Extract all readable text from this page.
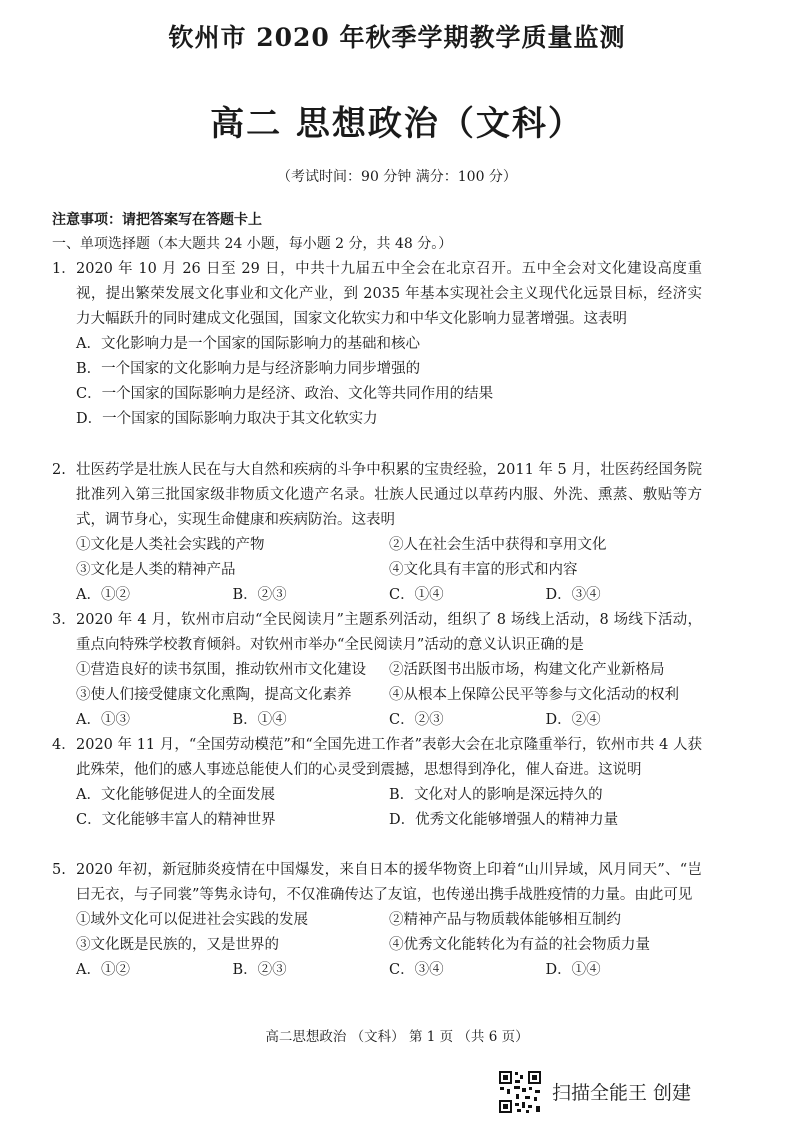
钦州市 2020 年秋季学期教学质量监测
高二 思想政治（文科）
（考试时间：90 分钟 满分：100 分）
注意事项：请把答案写在答题卡上
一、单项选择题（本大题共 24 小题，每小题 2 分，共 48 分。）
1．2020 年 10 月 26 日至 29 日，中共十九届五中全会在北京召开。五中全会对文化建设高度重视，提出繁荣发展文化事业和文化产业，到 2035 年基本实现社会主义现代化远景目标，经济实力大幅跃升的同时建成文化强国，国家文化软实力和中华文化影响力显著增强。这表明
A．文化影响力是一个国家的国际影响力的基础和核心
B．一个国家的文化影响力是与经济影响力同步增强的
C．一个国家的国际影响力是经济、政治、文化等共同作用的结果
D．一个国家的国际影响力取决于其文化软实力
2. 壮医药学是壮族人民在与大自然和疾病的斗争中积累的宝贵经验，2011 年 5 月，壮医药经国务院批准列入第三批国家级非物质文化遗产名录。壮族人民通过以草药内服、外洗、熏蒸、敷贴等方式，调节身心，实现生命健康和疾病防治。这表明
①文化是人类社会实践的产物	②人在社会生活中获得和享用文化
③文化是人类的精神产品	④文化具有丰富的形式和内容
A．①②	B．②③	C．①④	D．③④
3．2020 年 4 月，钦州市启动“全民阅读月”主题系列活动，组织了 8 场线上活动，8 场线下活动，重点向特殊学校教育倾斜。对钦州市举办“全民阅读月”活动的意义认识正确的是
①营造良好的读书氛围，推动钦州市文化建设	②活跃图书出版市场，构建文化产业新格局
③使人们接受健康文化熏陶，提高文化素养	④从根本上保障公民平等参与文化活动的权利
A．①③	B．①④	C．②③	D．②④
4．2020 年 11 月，“全国劳动模范”和“全国先进工作者”表彰大会在北京隆重举行，钦州市共 4 人获此殊荣，他们的感人事迹总能使人们的心灵受到震撼，思想得到净化，催人奋进。这说明
A．文化能够促进人的全面发展	B．文化对人的影响是深远持久的
C．文化能够丰富人的精神世界	D．优秀文化能够增强人的精神力量
5. 2020 年初，新冠肺炎疫情在中国爆发，来自日本的援华物资上印着“山川异域，风月同天”、“岂曰无衣，与子同裳”等隽永诗句，不仅准确传达了友谊，也传递出携手战胜疫情的力量。由此可见
①域外文化可以促进社会实践的发展	②精神产品与物质载体能够相互制约
③文化既是民族的，又是世界的	④优秀文化能转化为有益的社会物质力量
A．①②	B．②③	C．③④	D．①④
高二思想政治 （文科） 第 1 页 （共 6 页）
扫描全能王 创建
